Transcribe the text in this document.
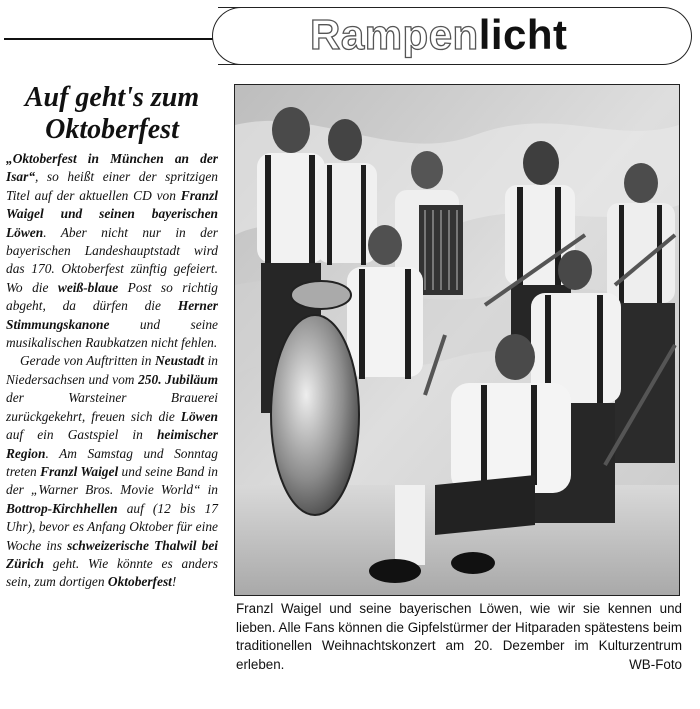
Rampenlicht
Auf geht's zum
Oktoberfest

„Oktoberfest in München an der Isar“, so heißt einer der spritzigen Titel auf der aktuellen CD von Franzl Waigel und seinen bayerischen Löwen. Aber nicht nur in der bayerischen Landeshauptstadt wird das 170. Oktoberfest zünftig gefeiert. Wo die weiß-blaue Post so richtig abgeht, da dürfen die Herner Stimmungskanone und seine musikalischen Raubkatzen nicht fehlen.

Gerade von Auftritten in Neustadt in Niedersachsen und vom 250. Jubiläum der Warsteiner Brauerei zurückgekehrt, freuen sich die Löwen auf ein Gastspiel in heimischer Region. Am Samstag und Sonntag treten Franzl Waigel und seine Band in der „Warner Bros. Movie World“ in Bottrop-Kirchhellen auf (12 bis 17 Uhr), bevor es Anfang Oktober für eine Woche ins schweizerische Thalwil bei Zürich geht. Wie könnte es anders sein, zum dortigen Oktoberfest!

Franzl Waigel und seine bayerischen Löwen, wie wir sie kennen und lieben. Alle Fans können die Gipfelstürmer der Hitparaden spätestens beim traditionellen Weihnachtskonzert am 20. Dezember im Kulturzentrum erleben.	WB-Foto
